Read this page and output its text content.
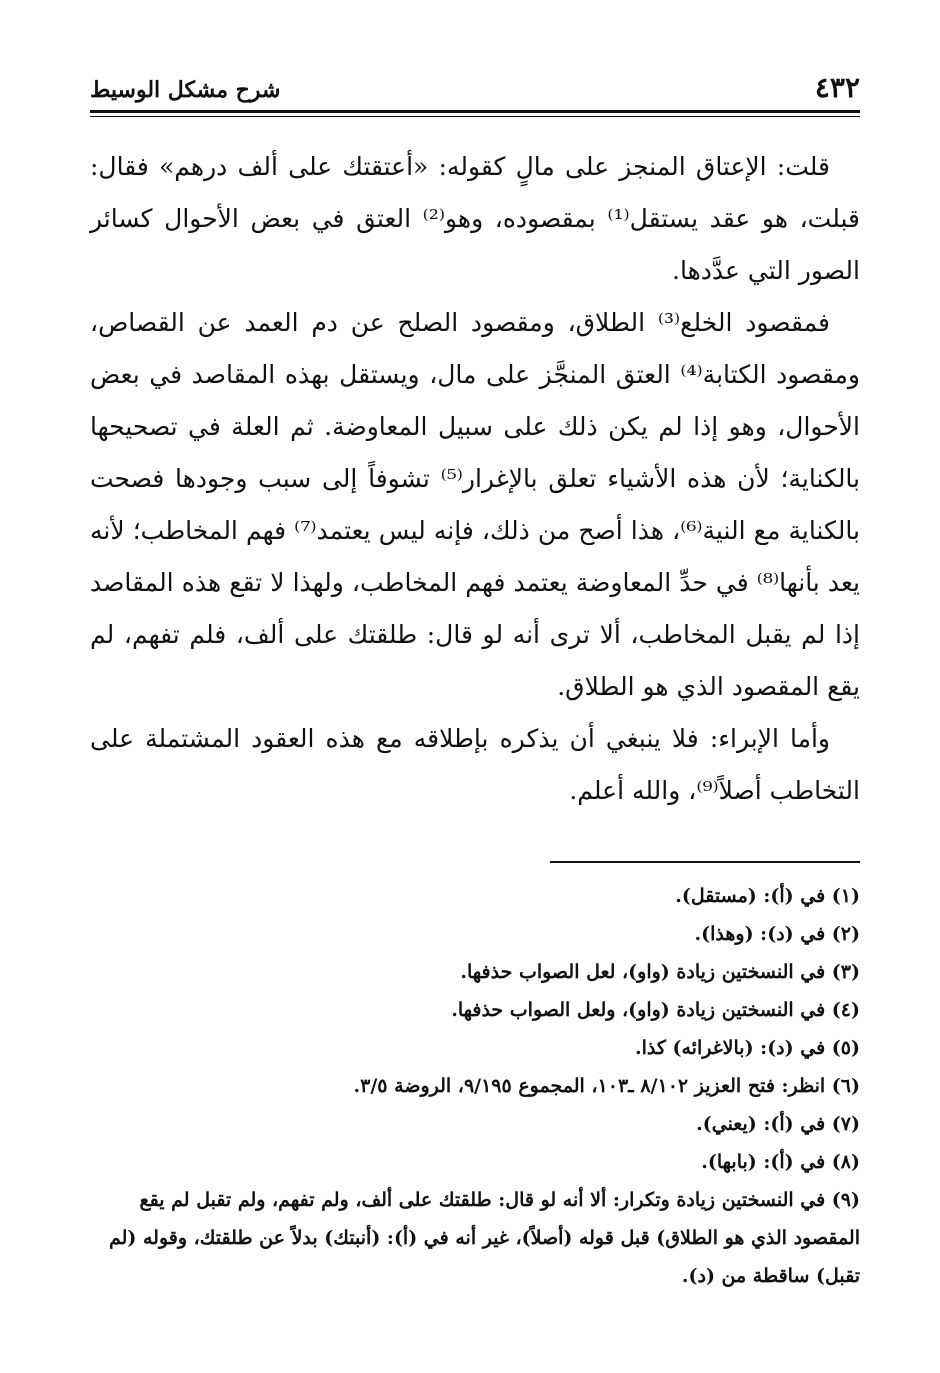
٤٣٢
شرح مشكل الوسيط

قلت: الإعتاق المنجز على مالٍ كقوله: «أعتقتك على ألف درهم» فقال: قبلت، هو عقد يستقل⁽¹⁾ بمقصوده، وهو⁽²⁾ العتق في بعض الأحوال كسائر الصور التي عدَّدها.

فمقصود الخلع⁽³⁾ الطلاق، ومقصود الصلح عن دم العمد عن القصاص، ومقصود الكتابة⁽⁴⁾ العتق المنجَّز على مال، ويستقل بهذه المقاصد في بعض الأحوال، وهو إذا لم يكن ذلك على سبيل المعاوضة. ثم العلة في تصحيحها بالكناية؛ لأن هذه الأشياء تعلق بالإغرار⁽⁵⁾ تشوفاً إلى سبب وجودها فصحت بالكناية مع النية⁽⁶⁾، هذا أصح من ذلك، فإنه ليس يعتمد⁽⁷⁾ فهم المخاطب؛ لأنه يعد بأنها⁽⁸⁾ في حدِّ المعاوضة يعتمد فهم المخاطب، ولهذا لا تقع هذه المقاصد إذا لم يقبل المخاطب، ألا ترى أنه لو قال: طلقتك على ألف، فلم تفهم، لم يقع المقصود الذي هو الطلاق.

وأما الإبراء: فلا ينبغي أن يذكره بإطلاقه مع هذه العقود المشتملة على التخاطب أصلاً⁽⁹⁾، والله أعلم.

(١) في (أ): (مستقل).

(٢) في (د): (وهذا).

(٣) في النسختين زيادة (واو)، لعل الصواب حذفها.

(٤) في النسختين زيادة (واو)، ولعل الصواب حذفها.

(٥) في (د): (بالاغرائه) كذا.

(٦) انظر: فتح العزيز ٨/١٠٢ ـ١٠٣، المجموع ٩/١٩٥، الروضة ٣/٥.

(٧) في (أ): (يعني).

(٨) في (أ): (بابها).

(٩) في النسختين زيادة وتكرار: ألا أنه لو قال: طلقتك على ألف، ولم تفهم، ولم تقبل لم يقع المقصود الذي هو الطلاق) قبل قوله (أصلاً)، غير أنه في (أ): (أنبتك) بدلاً عن طلقتك، وقوله (لم تقبل) ساقطة من (د).
